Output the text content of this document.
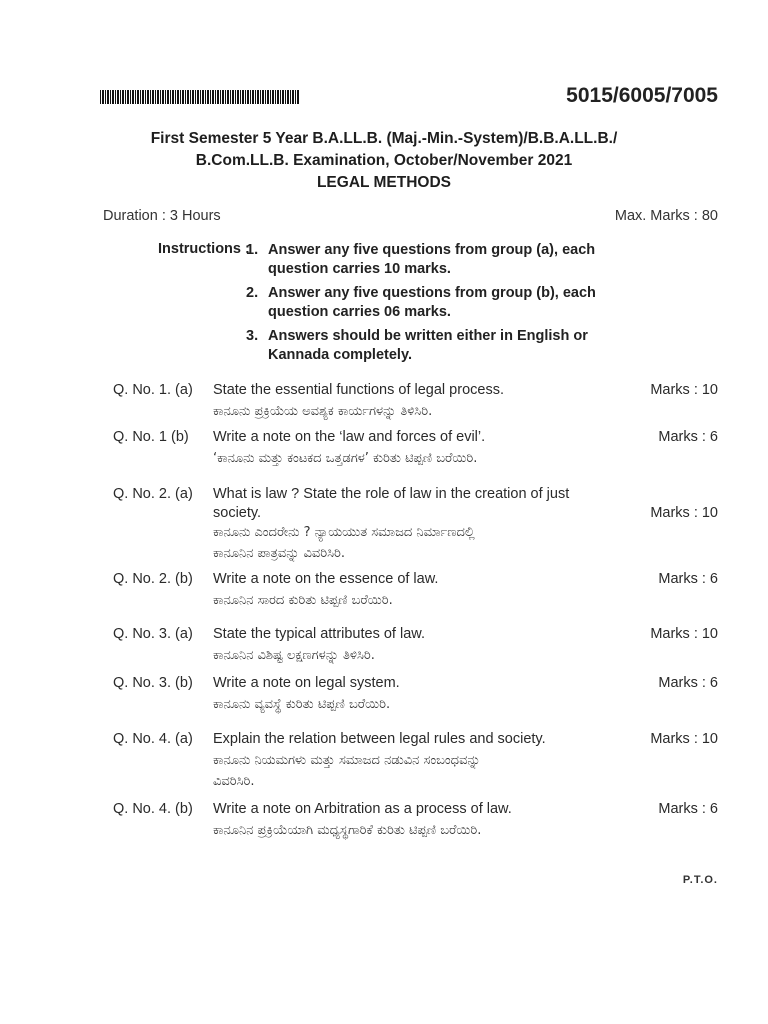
5015/6005/7005
First Semester 5 Year B.A.LL.B. (Maj.-Min.-System)/B.B.A.LL.B./
B.Com.LL.B. Examination, October/November 2021
LEGAL METHODS
Duration : 3 Hours	Max. Marks : 80
Instructions :
1. Answer any five questions from group (a), each
question carries 10 marks.
2. Answer any five questions from group (b), each
question carries 06 marks.
3. Answers should be written either in English or
Kannada completely.
Q. No. 1. (a) State the essential functions of legal process.	Marks : 10
ಕಾನೂನು ಪ್ರಕ್ರಿಯೆಯ ಅವಶ್ಯಕ ಕಾರ್ಯಗಳನ್ನು ತಿಳಿಸಿರಿ.
Q. No. 1 (b) Write a note on the ‘law and forces of evil’.	Marks : 6
‘ಕಾನೂನು ಮತ್ತು ಕಂಟಕದ ಒತ್ತಡಗಳ’ ಕುರಿತು ಟಿಪ್ಪಣಿ ಬರೆಯಿರಿ.
Q. No. 2. (a) What is law ? State the role of law in the creation of just
society.	Marks : 10
ಕಾನೂನು ಎಂದರೇನು ? ನ್ಯಾಯಯುತ ಸಮಾಜದ ನಿರ್ಮಾಣದಲ್ಲಿ
ಕಾನೂನಿನ ಪಾತ್ರವನ್ನು ವಿವರಿಸಿರಿ.
Q. No. 2. (b) Write a note on the essence of law.	Marks : 6
ಕಾನೂನಿನ ಸಾರದ ಕುರಿತು ಟಿಪ್ಪಣಿ ಬರೆಯಿರಿ.
Q. No. 3. (a) State the typical attributes of law.	Marks : 10
ಕಾನೂನಿನ ವಿಶಿಷ್ಟ ಲಕ್ಷಣಗಳನ್ನು ತಿಳಿಸಿರಿ.
Q. No. 3. (b) Write a note on legal system.	Marks : 6
ಕಾನೂನು ವ್ಯವಸ್ಥೆ ಕುರಿತು ಟಿಪ್ಪಣಿ ಬರೆಯಿರಿ.
Q. No. 4. (a) Explain the relation between legal rules and society.	Marks : 10
ಕಾನೂನು ನಿಯಮಗಳು ಮತ್ತು ಸಮಾಜದ ನಡುವಿನ ಸಂಬಂಧವನ್ನು
ವಿವರಿಸಿರಿ.
Q. No. 4. (b) Write a note on Arbitration as a process of law.	Marks : 6
ಕಾನೂನಿನ ಪ್ರಕ್ರಿಯೆಯಾಗಿ ಮಧ್ಯಸ್ಥಗಾರಿಕೆ ಕುರಿತು ಟಿಪ್ಪಣಿ ಬರೆಯಿರಿ.
P.T.O.
